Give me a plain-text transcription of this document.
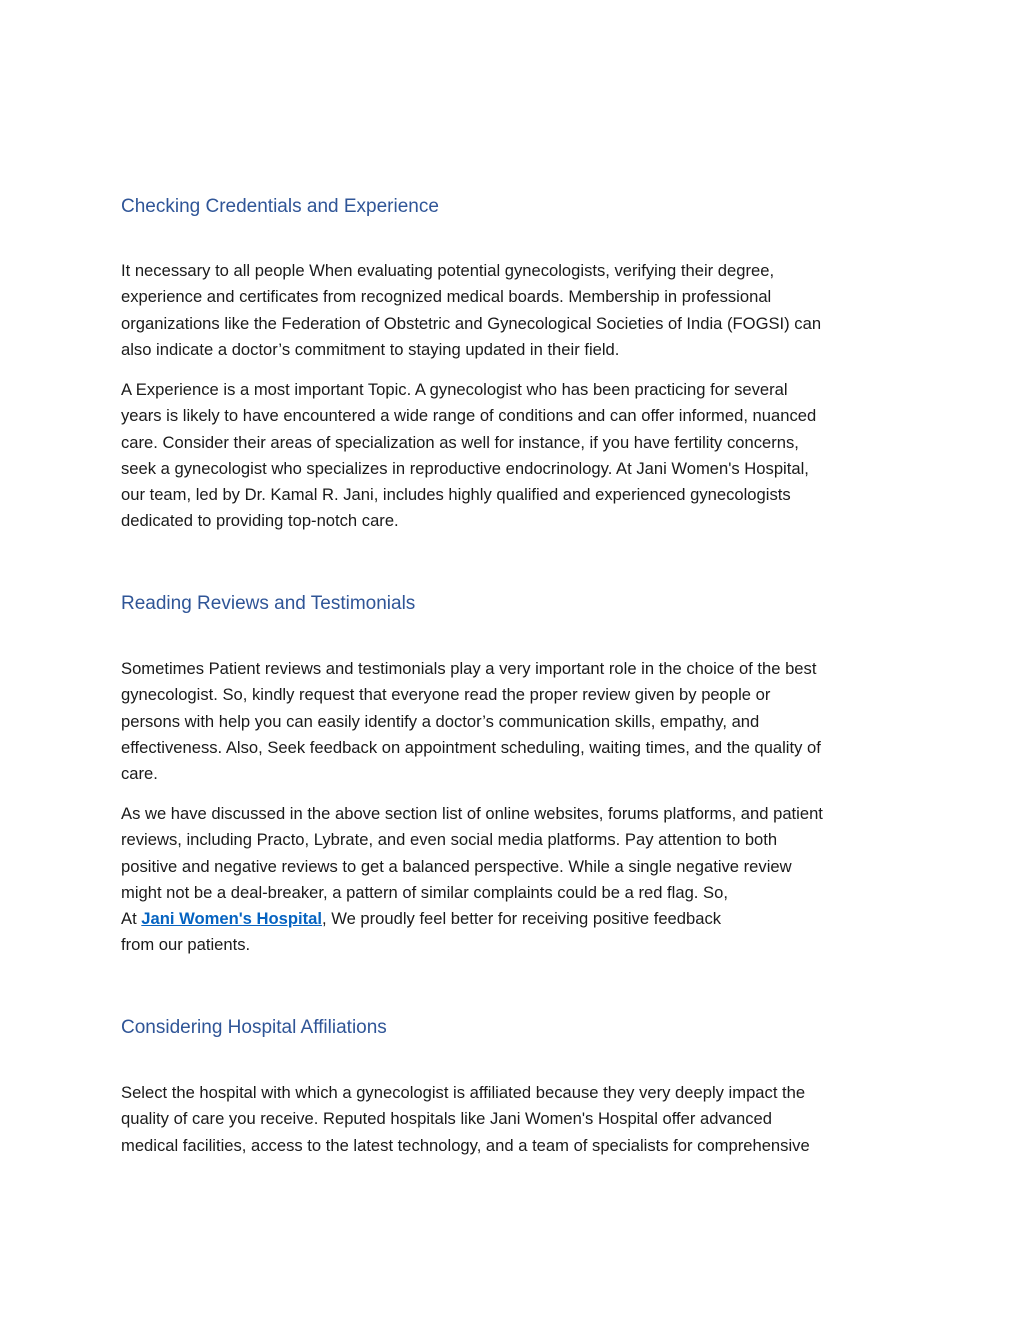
Checking Credentials and Experience

It necessary to all people When evaluating potential gynecologists, verifying their degree,
experience and certificates from recognized medical boards. Membership in professional
organizations like the Federation of Obstetric and Gynecological Societies of India (FOGSI) can
also indicate a doctor’s commitment to staying updated in their field.

A Experience is a most important Topic. A gynecologist who has been practicing for several
years is likely to have encountered a wide range of conditions and can offer informed, nuanced
care. Consider their areas of specialization as well for instance, if you have fertility concerns,
seek a gynecologist who specializes in reproductive endocrinology. At Jani Women's Hospital,
our team, led by Dr. Kamal R. Jani, includes highly qualified and experienced gynecologists
dedicated to providing top-notch care.

Reading Reviews and Testimonials

Sometimes Patient reviews and testimonials play a very important role in the choice of the best
gynecologist. So, kindly request that everyone read the proper review given by people or
persons with help you can easily identify a doctor’s communication skills, empathy, and
effectiveness. Also, Seek feedback on appointment scheduling, waiting times, and the quality of
care.

As we have discussed in the above section list of online websites, forums platforms, and patient
reviews, including Practo, Lybrate, and even social media platforms. Pay attention to both
positive and negative reviews to get a balanced perspective. While a single negative review
might not be a deal-breaker, a pattern of similar complaints could be a red flag. So,
At Jani Women's Hospital, We proudly feel better for receiving positive feedback
from our patients.

Considering Hospital Affiliations

Select the hospital with which a gynecologist is affiliated because they very deeply impact the
quality of care you receive. Reputed hospitals like Jani Women's Hospital offer advanced
medical facilities, access to the latest technology, and a team of specialists for comprehensive
